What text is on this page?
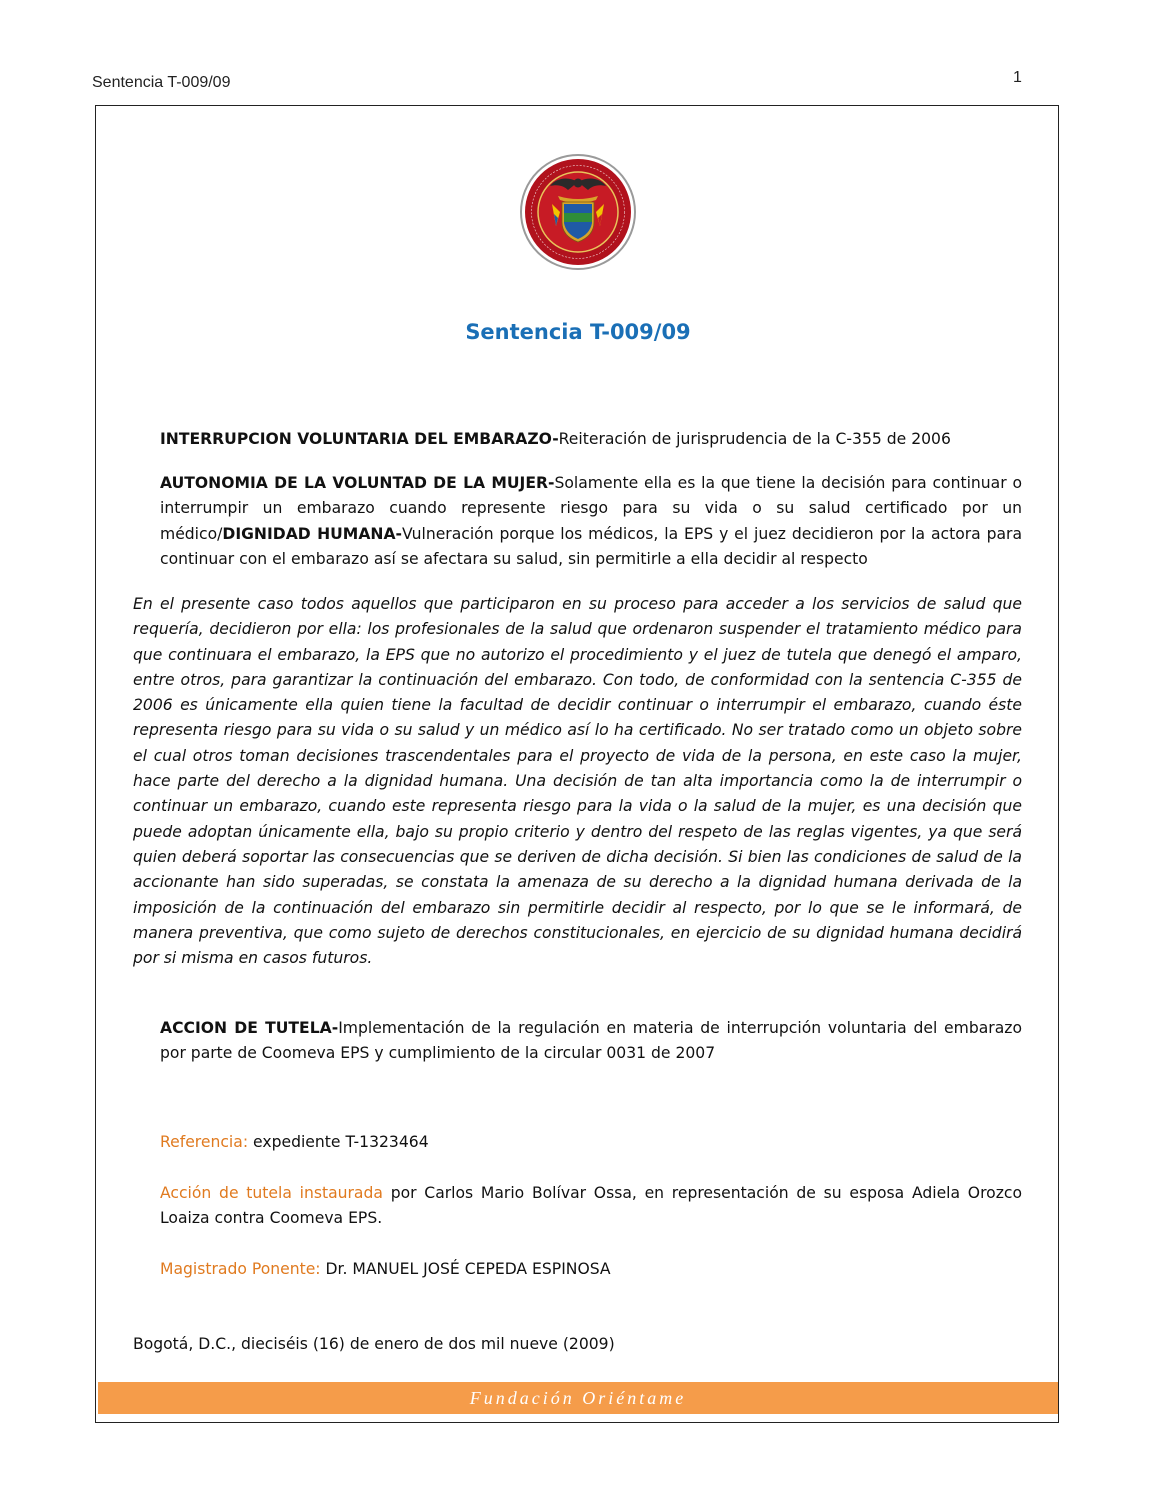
Sentencia T-009/09	1
Sentencia T-009/09
INTERRUPCION VOLUNTARIA DEL EMBARAZO-Reiteración de jurisprudencia de la C-355 de 2006
AUTONOMIA DE LA VOLUNTAD DE LA MUJER-Solamente ella es la que tiene la decisión para continuar o interrumpir un embarazo cuando represente riesgo para su vida o su salud certificado por un médico/DIGNIDAD HUMANA-Vulneración porque los médicos, la EPS y el juez decidieron por la actora para continuar con el embarazo así se afectara su salud, sin permitirle a ella decidir al respecto
En el presente caso todos aquellos que participaron en su proceso para acceder a los servicios de salud que requería, decidieron por ella: los profesionales de la salud que ordenaron suspender el tratamiento médico para que continuara el embarazo, la EPS que no autorizo el procedimiento y el juez de tutela que denegó el amparo, entre otros, para garantizar la continuación del embarazo. Con todo, de conformidad con la sentencia C-355 de 2006 es únicamente ella quien tiene la facultad de decidir continuar o interrumpir el embarazo, cuando éste representa riesgo para su vida o su salud y un médico así lo ha certificado. No ser tratado como un objeto sobre el cual otros toman decisiones trascendentales para el proyecto de vida de la persona, en este caso la mujer, hace parte del derecho a la dignidad humana. Una decisión de tan alta importancia como la de interrumpir o continuar un embarazo, cuando este representa riesgo para la vida o la salud de la mujer, es una decisión que puede adoptan únicamente ella, bajo su propio criterio y dentro del respeto de las reglas vigentes, ya que será quien deberá soportar las consecuencias que se deriven de dicha decisión. Si bien las condiciones de salud de la accionante han sido superadas, se constata la amenaza de su derecho a la dignidad humana derivada de la imposición de la continuación del embarazo sin permitirle decidir al respecto, por lo que se le informará, de manera preventiva, que como sujeto de derechos constitucionales, en ejercicio de su dignidad humana decidirá por si misma en casos futuros.
ACCION DE TUTELA-Implementación de la regulación en materia de interrupción voluntaria del embarazo por parte de Coomeva EPS y cumplimiento de la circular 0031 de 2007
Referencia: expediente T-1323464
Acción de tutela instaurada por Carlos Mario Bolívar Ossa, en representación de su esposa Adiela Orozco Loaiza contra Coomeva EPS.
Magistrado Ponente: Dr. MANUEL JOSÉ CEPEDA ESPINOSA
Bogotá, D.C., dieciséis (16) de enero de dos mil nueve (2009)
Fundación Oriéntame
